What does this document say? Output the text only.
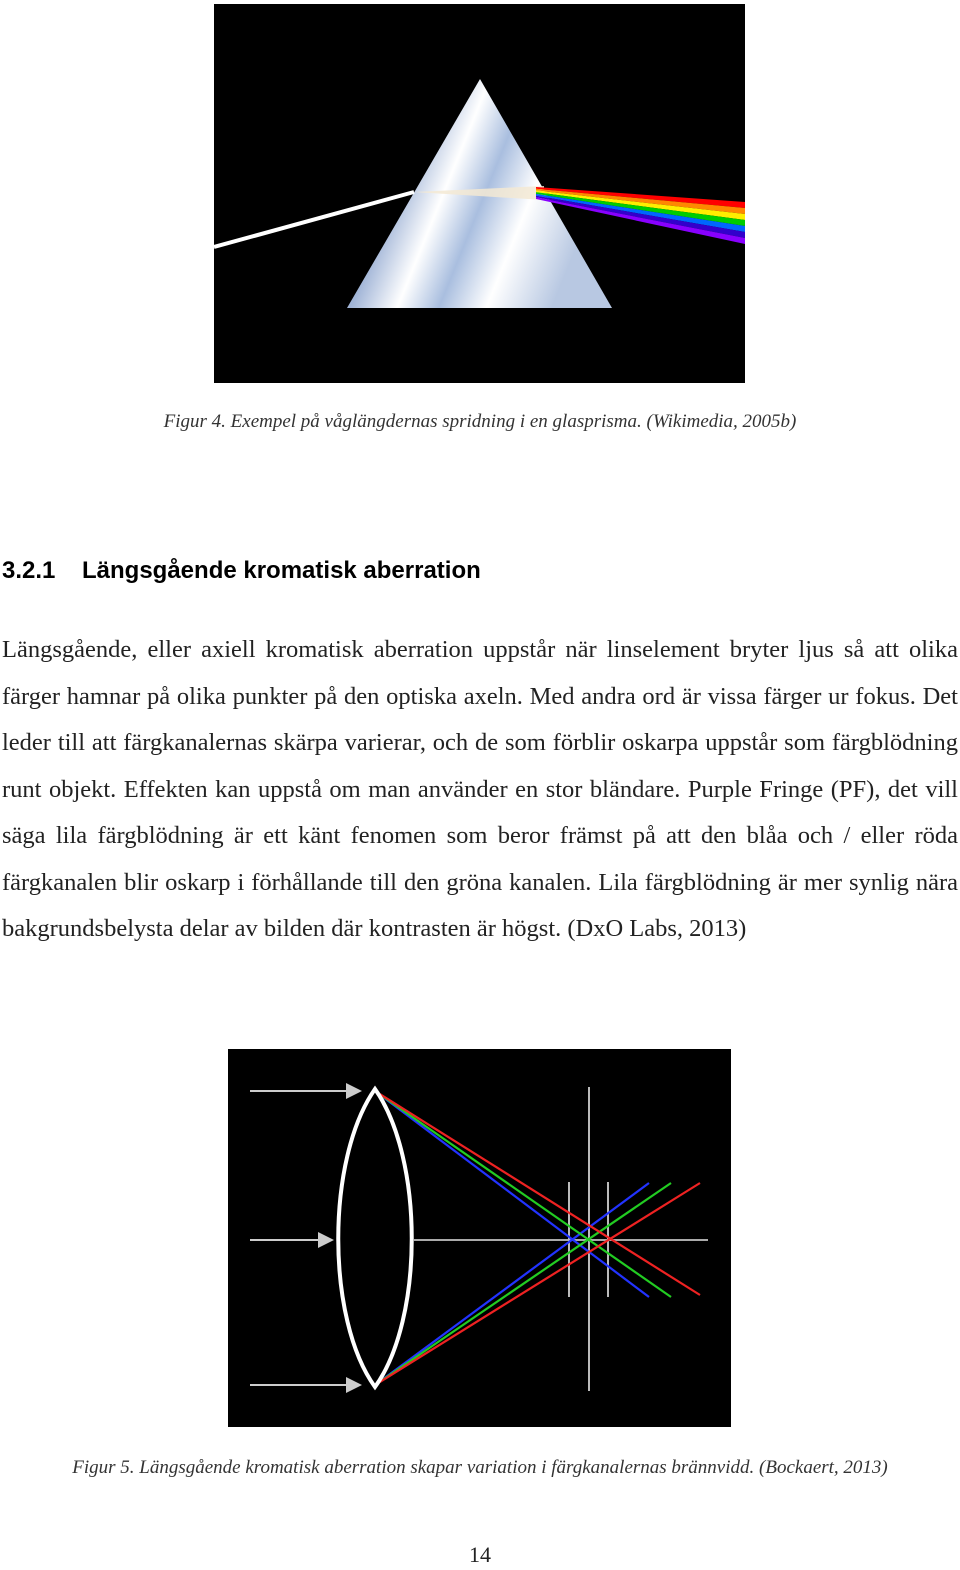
Figur 4. Exempel på våglängdernas spridning i en glasprisma. (Wikimedia, 2005b)
3.2.1 Längsgående kromatisk aberration
Längsgående, eller axiell kromatisk aberration uppstår när linselement bryter ljus så att olika färger hamnar på olika punkter på den optiska axeln. Med andra ord är vissa färger ur fokus. Det leder till att färgkanalernas skärpa varierar, och de som förblir oskarpa uppstår som färgblödning runt objekt. Effekten kan uppstå om man använder en stor bländare. Purple Fringe (PF), det vill säga lila färgblödning är ett känt fenomen som beror främst på att den blåa och / eller röda färgkanalen blir oskarp i förhållande till den gröna kanalen. Lila färgblödning är mer synlig nära bakgrundsbelysta delar av bilden där kontrasten är högst. (DxO Labs, 2013)
Figur 5. Längsgående kromatisk aberration skapar variation i färgkanalernas brännvidd. (Bockaert, 2013)
14
